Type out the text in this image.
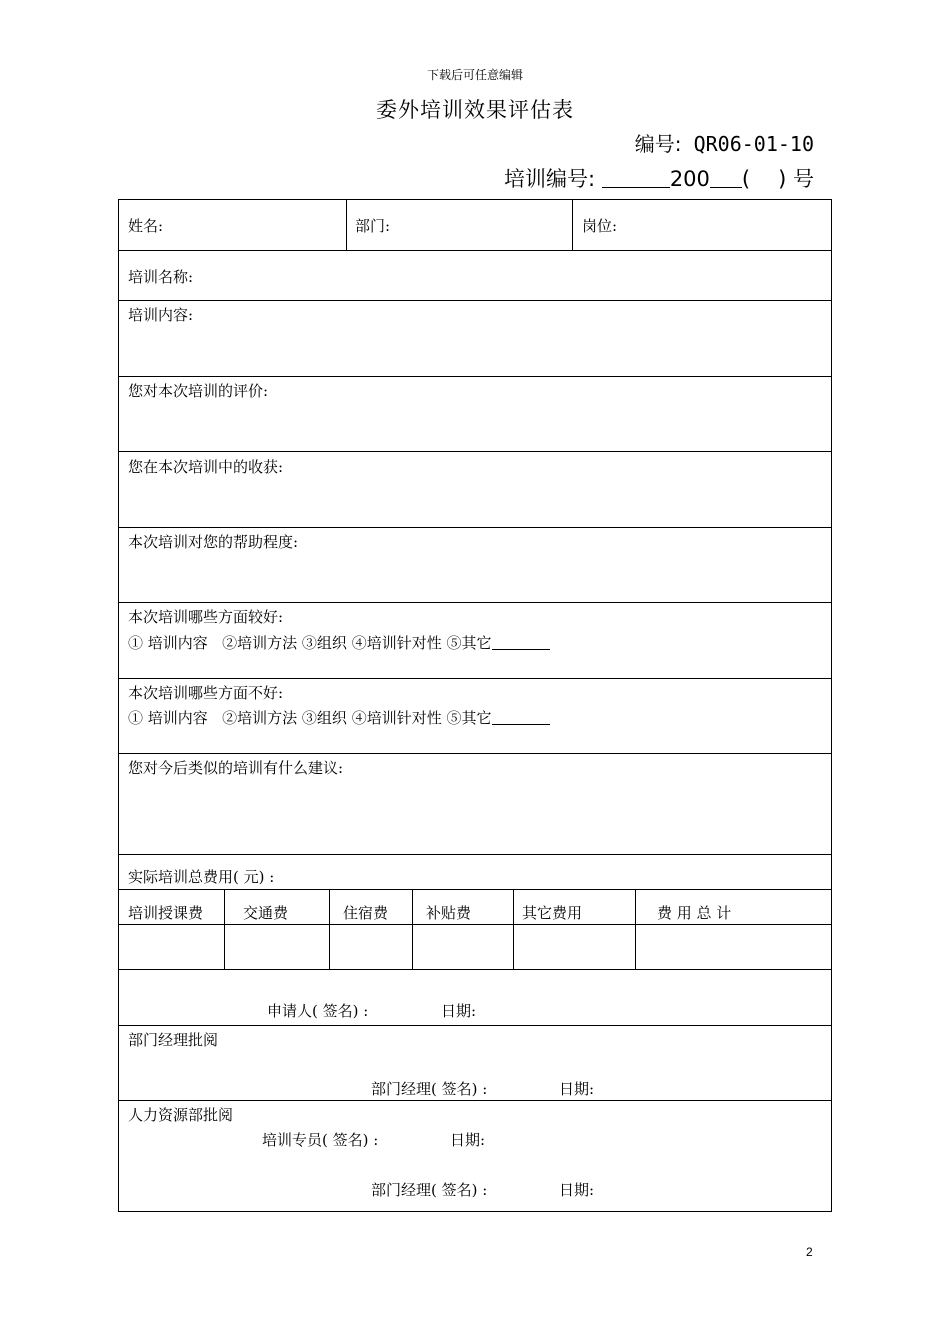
下载后可任意编辑
委外培训效果评估表
编号: QR06-01-10
培训编号:	200 ( ) 号
姓名:	部门:	岗位:
培训名称:
培训内容:
您对本次培训的评价:
您在本次培训中的收获:
本次培训对您的帮助程度:
本次培训哪些方面较好:
① 培训内容 ②培训方法 ③组织 ④培训针对性 ⑤其它
本次培训哪些方面不好:
① 培训内容 ②培训方法 ③组织 ④培训针对性 ⑤其它
您对今后类似的培训有什么建议:
实际培训总费用( 元) :
培训授课费	交通费	住宿费	补贴费	其它费用	费 用 总 计
申请人( 签名) :	日期:
部门经理批阅
部门经理( 签名) :	日期:
人力资源部批阅
培训专员( 签名) :	日期:
部门经理( 签名) :	日期:
2
